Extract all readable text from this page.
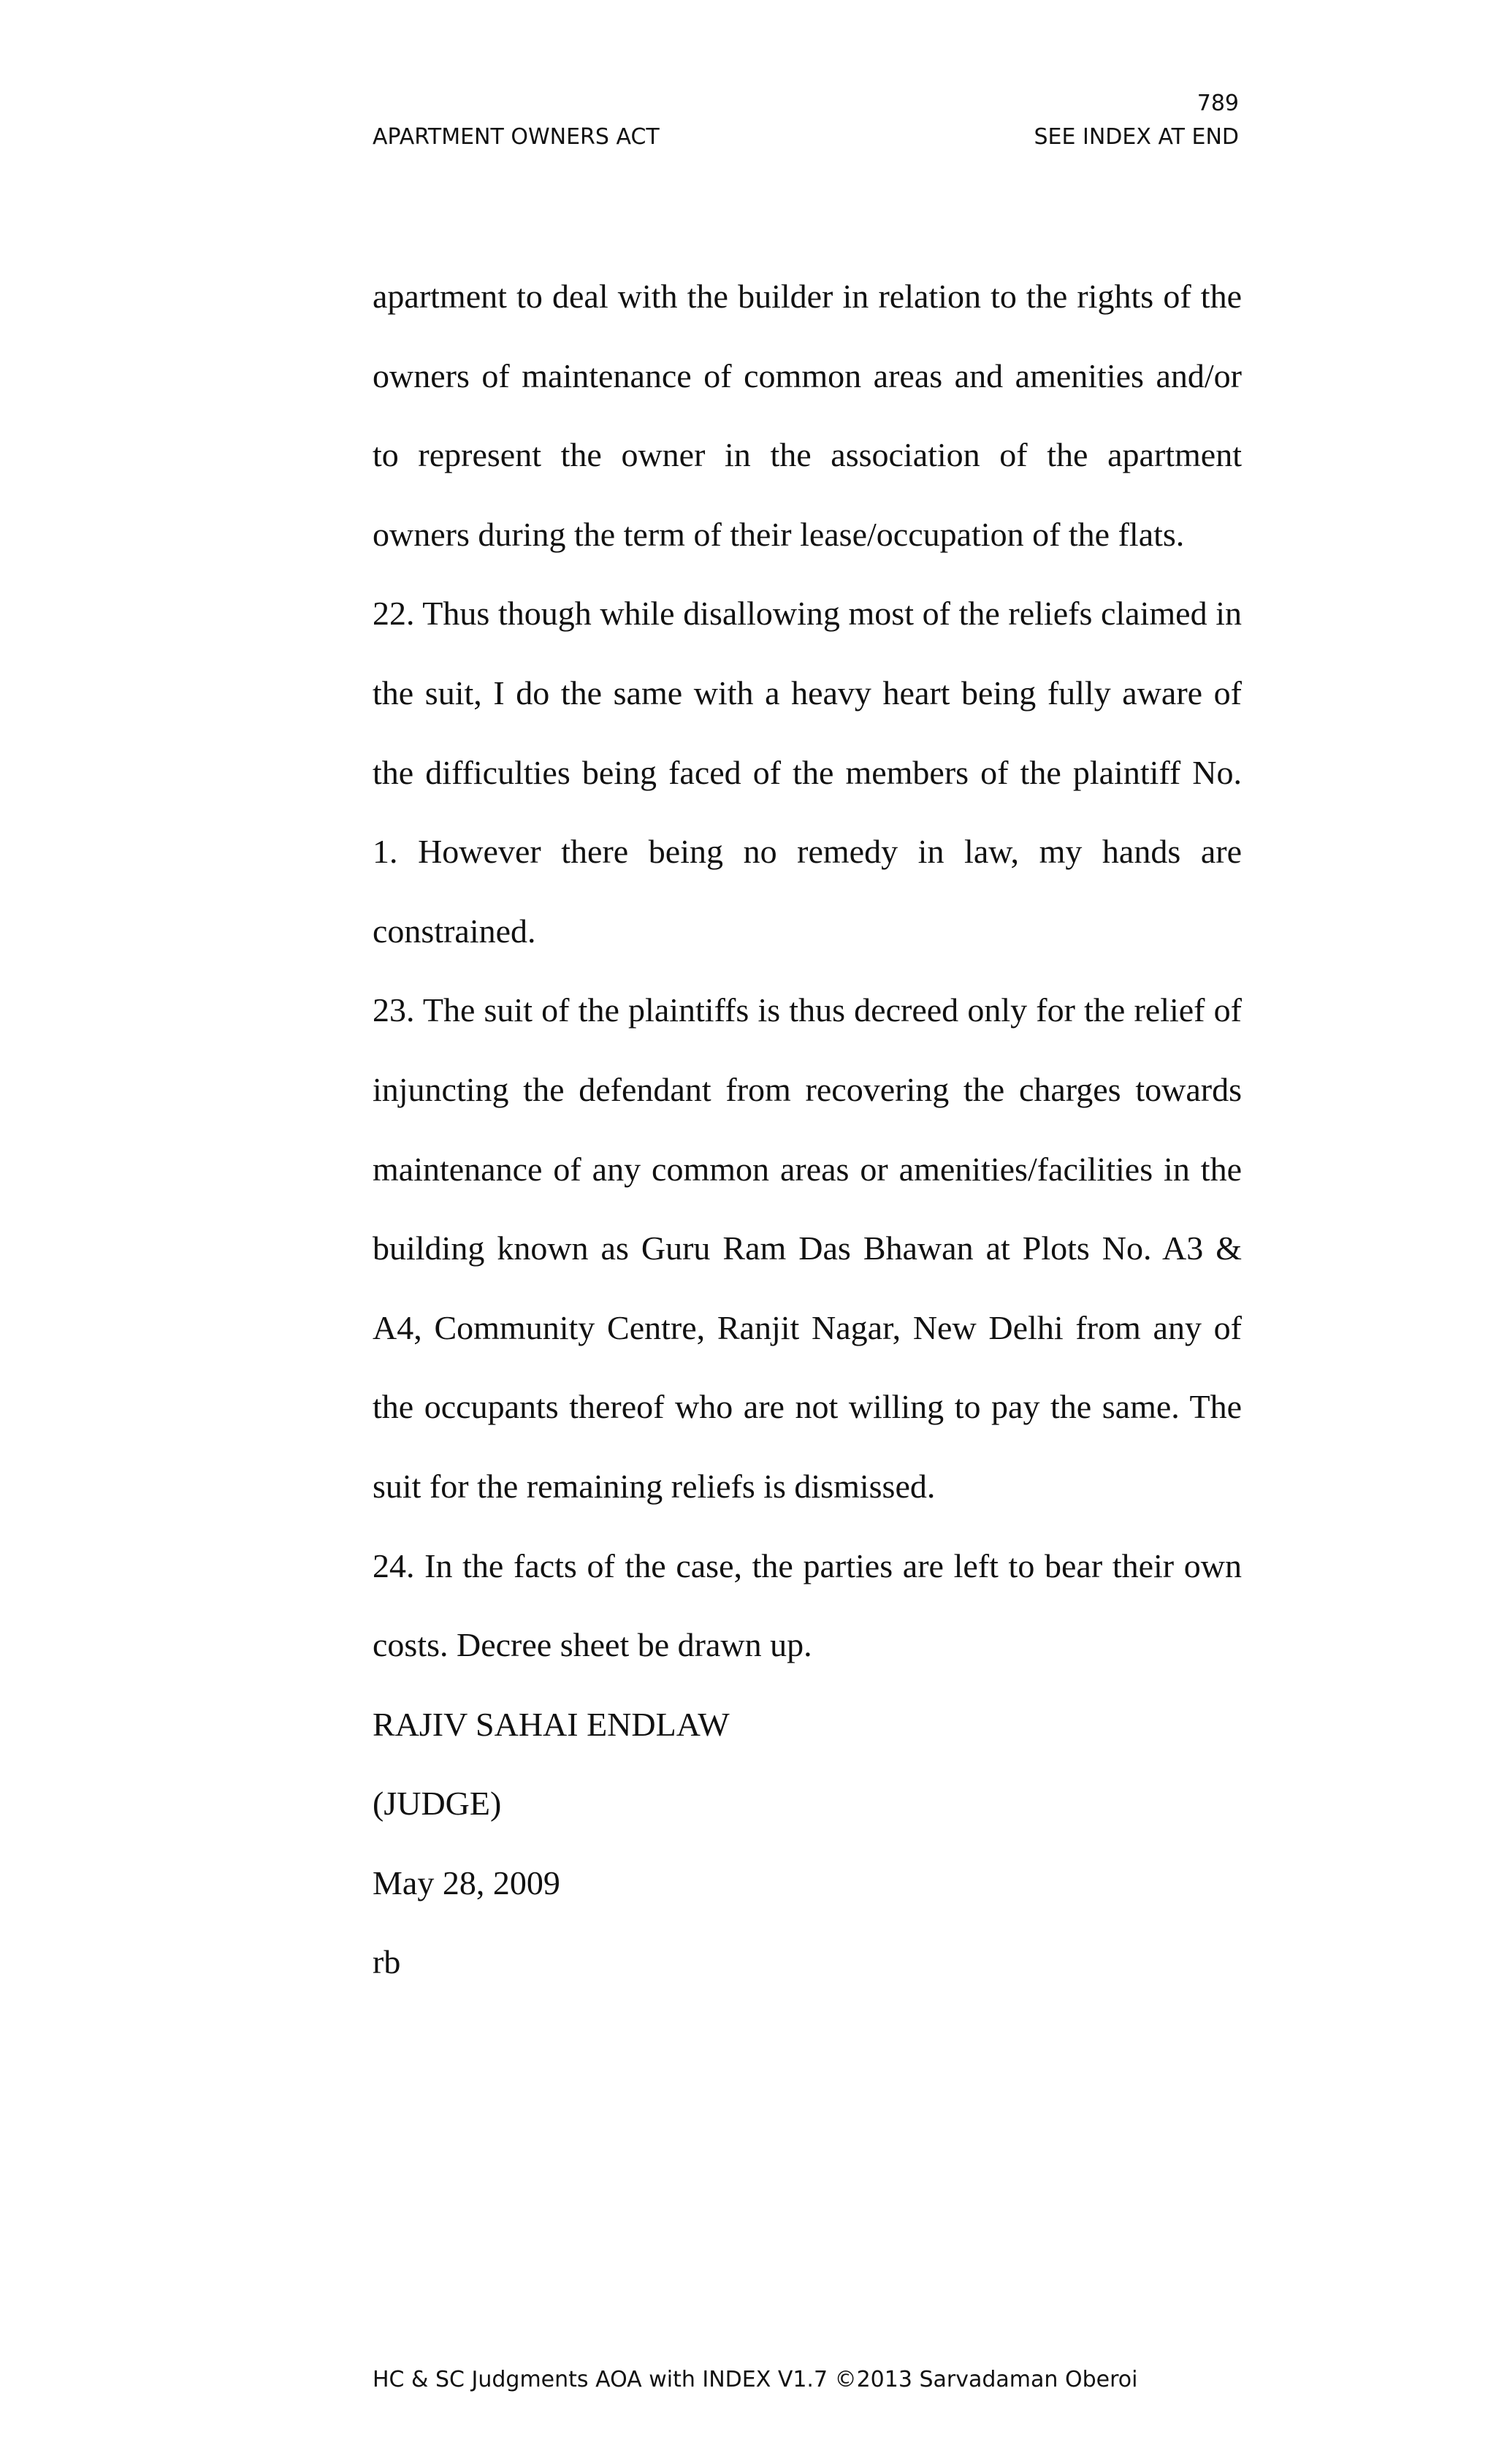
789
APARTMENT OWNERS ACT	SEE INDEX AT END

apartment to deal with the builder in relation to the rights of the owners of maintenance of common areas and amenities and/or to represent the owner in the association of the apartment owners during the term of their lease/occupation of the flats.

22. Thus though while disallowing most of the reliefs claimed in the suit, I do the same with a heavy heart being fully aware of the difficulties being faced of the members of the plaintiff No. 1. However there being no remedy in law, my hands are constrained.

23. The suit of the plaintiffs is thus decreed only for the relief of injuncting the defendant from recovering the charges towards maintenance of any common areas or amenities/facilities in the building known as Guru Ram Das Bhawan at Plots No. A3 & A4, Community Centre, Ranjit Nagar, New Delhi from any of the occupants thereof who are not willing to pay the same. The suit for the remaining reliefs is dismissed.

24. In the facts of the case, the parties are left to bear their own costs. Decree sheet be drawn up.

RAJIV SAHAI ENDLAW
(JUDGE)
May 28, 2009
rb
HC & SC Judgments AOA with INDEX V1.7 ©2013 Sarvadaman Oberoi
